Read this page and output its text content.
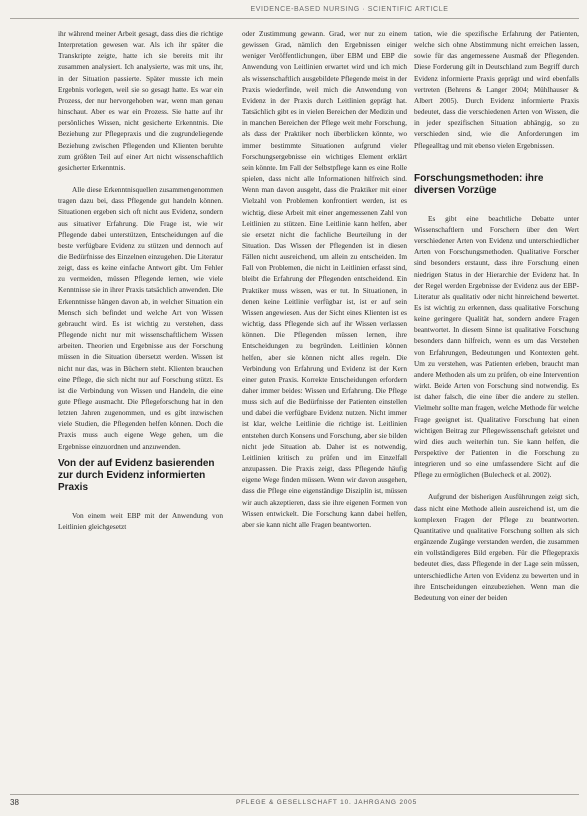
EVIDENCE-BASED NURSING · SCIENTIFIC ARTICLE

ihr während meiner Arbeit gesagt, dass dies die richtige Interpretation gewesen war. Als ich ihr später die Transkripte zeigte, hatte ich sie bereits mit ihr zusammen analysiert. Ich analysierte, was mit uns, ihr, in der Situation passierte. Später musste ich mein Ergebnis vorlegen, weil sie so gesagt hatte. Es war ein Prozess, der nur hervorgehoben war, wenn man genau hinschaut. Aber es war ein Prozess. Sie hatte auf ihr persönliches Wissen, nicht gesicherte Erkenntnis. Die Beziehung zur Pflegepraxis und die zugrundeliegende Beziehung zwischen Pflegenden und Klienten beruhte zum größten Teil auf einer Art nicht wissenschaftlich gesicherter Erkenntnis.

Alle diese Erkenntnisquellen zusammengenommen tragen dazu bei, dass Pflegende gut handeln können. Situationen ergeben sich oft nicht aus Evidenz, sondern aus situativer Erfahrung. Die Frage ist, wie wir Pflegende dabei unterstützen, Entscheidungen auf die beste verfügbare Evidenz zu stützen und dennoch auf die Bedürfnisse des Einzelnen einzugehen. Die Literatur zeigt, dass es keine einfache Antwort gibt. Um Fehler zu vermeiden, müssen Pflegende lernen, wie viele Kenntnisse sie in ihrer Praxis tatsächlich anwenden. Die Erkenntnisse hängen davon ab, in welcher Situation ein Mensch sich befindet und welche Art von Wissen gebraucht wird. Es ist wichtig zu verstehen, dass Pflegende nicht nur mit wissenschaftlichem Wissen arbeiten. Theorien und Ergebnisse aus der Forschung müssen in die Situation übersetzt werden. Wissen ist nicht nur das, was in Büchern steht. Klienten brauchen eine Pflege, die sich nicht nur auf Forschung stützt. Es ist die Verbindung von Wissen und Handeln, die eine gute Pflege ausmacht. Die Pflegeforschung hat in den letzten Jahren zugenommen, und es gibt inzwischen viele Studien, die Pflegenden helfen können. Doch die Praxis muss auch eigene Wege gehen, um die Ergebnisse einzuordnen und anzuwenden.

Von der auf Evidenz basierenden zur durch Evidenz informierten Praxis

Von einem weit EBP mit der Anwendung von Leitlinien gleichgesetzt

oder Zustimmung gewann. Grad, wer nur zu einem gewissen Grad, nämlich den Ergebnissen einiger weniger Veröffentlichungen, über EBM und EBP die Anwendung von Leitlinien erwartet wird und ich mich als wissenschaftlich ausgebildete Pflegende meist in der Praxis wiederfinde, weil mich die Anwendung von Evidenz in der Praxis durch Leitlinien geprägt hat. Tatsächlich gibt es in vielen Bereichen der Medizin und in manchen Bereichen der Pflege weit mehr Forschung, als dass der Praktiker noch überblicken könnte, wo immer bestimmte Situationen aufgrund vieler Forschungsergebnisse ein wichtiges Element erklärt sein könnte. Im Fall der Selbstpflege kann es eine Rolle spielen, dass nicht alle Informationen hilfreich sind. Wenn man davon ausgeht, dass die Praktiker mit einer Vielzahl von Problemen konfrontiert werden, ist es wichtig, diese Arbeit mit einer angemessenen Zahl von Leitlinien zu stützen. Eine Leitlinie kann helfen, aber sie ersetzt nicht die fachliche Beurteilung in der Situation. Das Wissen der Pflegenden ist in diesen Fällen nicht ausreichend, um allein zu entscheiden. Im Fall von Problemen, die nicht in Leitlinien erfasst sind, bleibt die Erfahrung der Pflegenden entscheidend. Ein Praktiker muss wissen, was er tut. In Situationen, in denen keine Leitlinie verfügbar ist, ist er auf sein Wissen angewiesen. Aus der Sicht eines Klienten ist es wichtig, dass Pflegende sich auf ihr Wissen verlassen können. Die Pflegenden müssen lernen, ihre Entscheidungen zu begründen. Leitlinien können helfen, aber sie können nicht alles regeln. Die Verbindung von Erfahrung und Evidenz ist der Kern einer guten Praxis. Korrekte Entscheidungen erfordern daher immer beides: Wissen und Erfahrung. Die Pflege muss sich auf die Bedürfnisse der Patienten einstellen und dabei die verfügbare Evidenz nutzen. Nicht immer ist klar, welche Leitlinie die richtige ist. Leitlinien entstehen durch Konsens und Forschung, aber sie bilden nicht jede Situation ab. Daher ist es notwendig, Leitlinien kritisch zu prüfen und im Einzelfall anzupassen. Die Praxis zeigt, dass Pflegende häufig eigene Wege finden müssen. Wenn wir davon ausgehen, dass die Pflege eine eigenständige Disziplin ist, müssen wir auch akzeptieren, dass sie ihre eigenen Formen von Wissen entwickelt. Die Forschung kann dabei helfen, aber sie kann nicht alle Fragen beantworten.

tation, wie die spezifische Erfahrung der Patienten, welche sich ohne Abstimmung nicht erreichen lassen, sowie für das angemessene Ausmaß der Pflegenden. Diese Forderung gilt in Deutschland zum Begriff durch Evidenz informierte Praxis geprägt und wird ebenfalls vertreten (Behrens & Langer 2004; Mühlhauser & Albert 2005). Durch Evidenz informierte Praxis bedeutet, dass die verschiedenen Arten von Wissen, die in jeder spezifischen Situation abhängig, so zu verschieden sind, wie die Anforderungen im Pflegealltag und mit ebenso vielen Ergebnissen.

Forschungsmethoden: ihre diversen Vorzüge

Es gibt eine beachtliche Debatte unter Wissenschaftlern und Forschern über den Wert verschiedener Arten von Evidenz und unterschiedlicher Arten von Forschungsmethoden. Qualitative Forscher sind besonders erstaunt, dass ihre Forschung einen niedrigen Status in der Hierarchie der Evidenz hat. In der Regel werden Ergebnisse der Evidenz aus der EBP-Literatur als qualitativ oder nicht hinreichend bewertet. Es ist wichtig zu erkennen, dass qualitative Forschung keine geringere Qualität hat, sondern andere Fragen beantwortet. In diesem Sinne ist qualitative Forschung besonders dann hilfreich, wenn es um das Verstehen von Erfahrungen, Bedeutungen und Kontexten geht. Um zu verstehen, was Patienten erleben, braucht man andere Methoden als um zu prüfen, ob eine Intervention wirkt. Beide Arten von Forschung sind notwendig. Es ist daher falsch, die eine über die andere zu stellen. Vielmehr sollte man fragen, welche Methode für welche Frage geeignet ist. Qualitative Forschung hat einen wichtigen Beitrag zur Pflegewissenschaft geleistet und wird dies auch weiterhin tun. Sie kann helfen, die Perspektive der Patienten in die Forschung zu integrieren und so eine umfassendere Sicht auf die Pflege zu ermöglichen (Bulecheck et al. 2002).

Aufgrund der bisherigen Ausführungen zeigt sich, dass nicht eine Methode allein ausreichend ist, um die komplexen Fragen der Pflege zu beantworten. Quantitative und qualitative Forschung sollten als sich ergänzende Zugänge verstanden werden, die zusammen ein vollständigeres Bild ergeben. Für die Pflegepraxis bedeutet dies, dass Pflegende in der Lage sein müssen, unterschiedliche Arten von Evidenz zu bewerten und in ihre Entscheidungen einzubeziehen. Wenn man die Bedeutung von einer der beiden

38	PFLEGE & GESELLSCHAFT 10. JAHRGANG 2005
